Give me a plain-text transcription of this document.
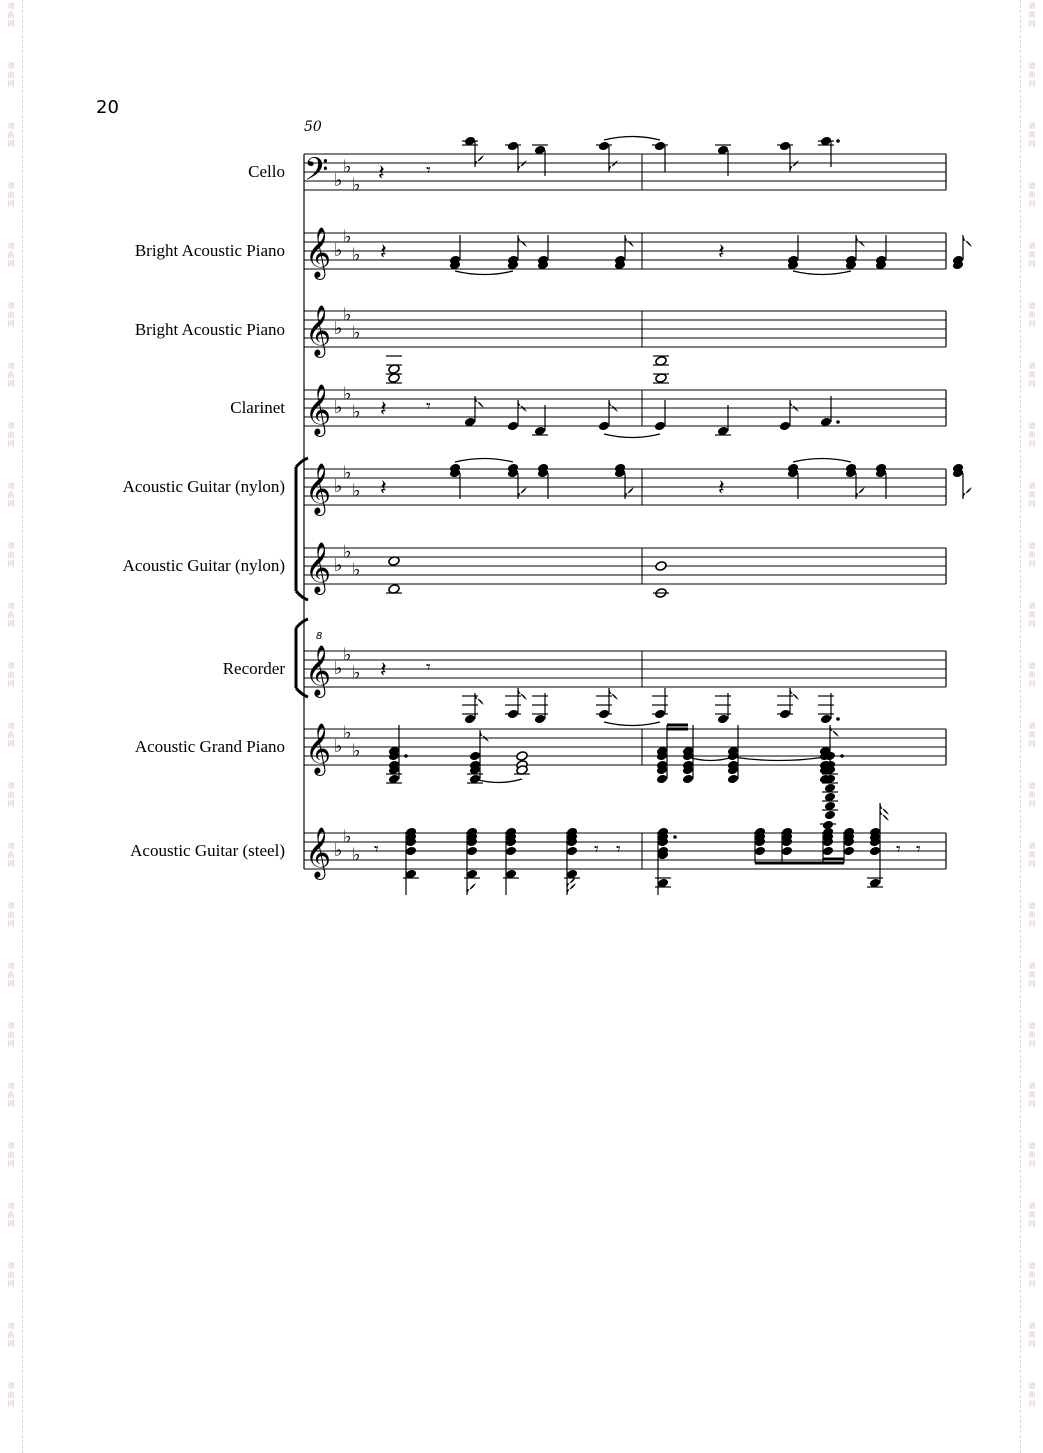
谱
曲
网
谱
曲
网
谱
曲
网
谱
曲
网
谱
曲
网
谱
曲
网
谱
曲
网
谱
曲
网
谱
曲
网
谱
曲
网
谱
曲
网
谱
曲
网
谱
曲
网
谱
曲
网
谱
曲
网
谱
曲
网
谱
曲
网
谱
曲
网
谱
曲
网
谱
曲
网
谱
曲
网
谱
曲
网
谱
曲
网
谱
曲
网
谱
曲
网
谱
曲
网
谱
曲
网
谱
曲
网
谱
曲
网
谱
曲
网
谱
曲
网
谱
曲
网
谱
曲
网
谱
曲
网
谱
曲
网
谱
曲
网
谱
曲
网
谱
曲
网
谱
曲
网
谱
曲
网
谱
曲
网
谱
曲
网
谱
曲
网
谱
曲
网
谱
曲
网
谱
曲
网
谱
曲
网
谱
曲
网
20
50
Cello
Bright Acoustic Piano
Bright Acoustic Piano
Clarinet
Acoustic Guitar (nylon)
Acoustic Guitar (nylon)
Recorder
Acoustic Grand Piano
Acoustic Guitar (steel)
𝄢 ♭
♭
♭
𝄞 ♭
♭
♭
𝄞 ♭
♭
♭
𝄞 ♭
♭
♭
𝄞 ♭
♭
♭
𝄞 ♭
♭
♭
𝄞
8
♭
♭
♭
𝄞 ♭
♭
♭
𝄞 ♭
♭
♭
𝄽 𝄾
𝄽	𝄽
𝄽 𝄾
𝄽	𝄽
𝄽 𝄾
𝄾	𝄾 𝄾	𝄾 𝄾
